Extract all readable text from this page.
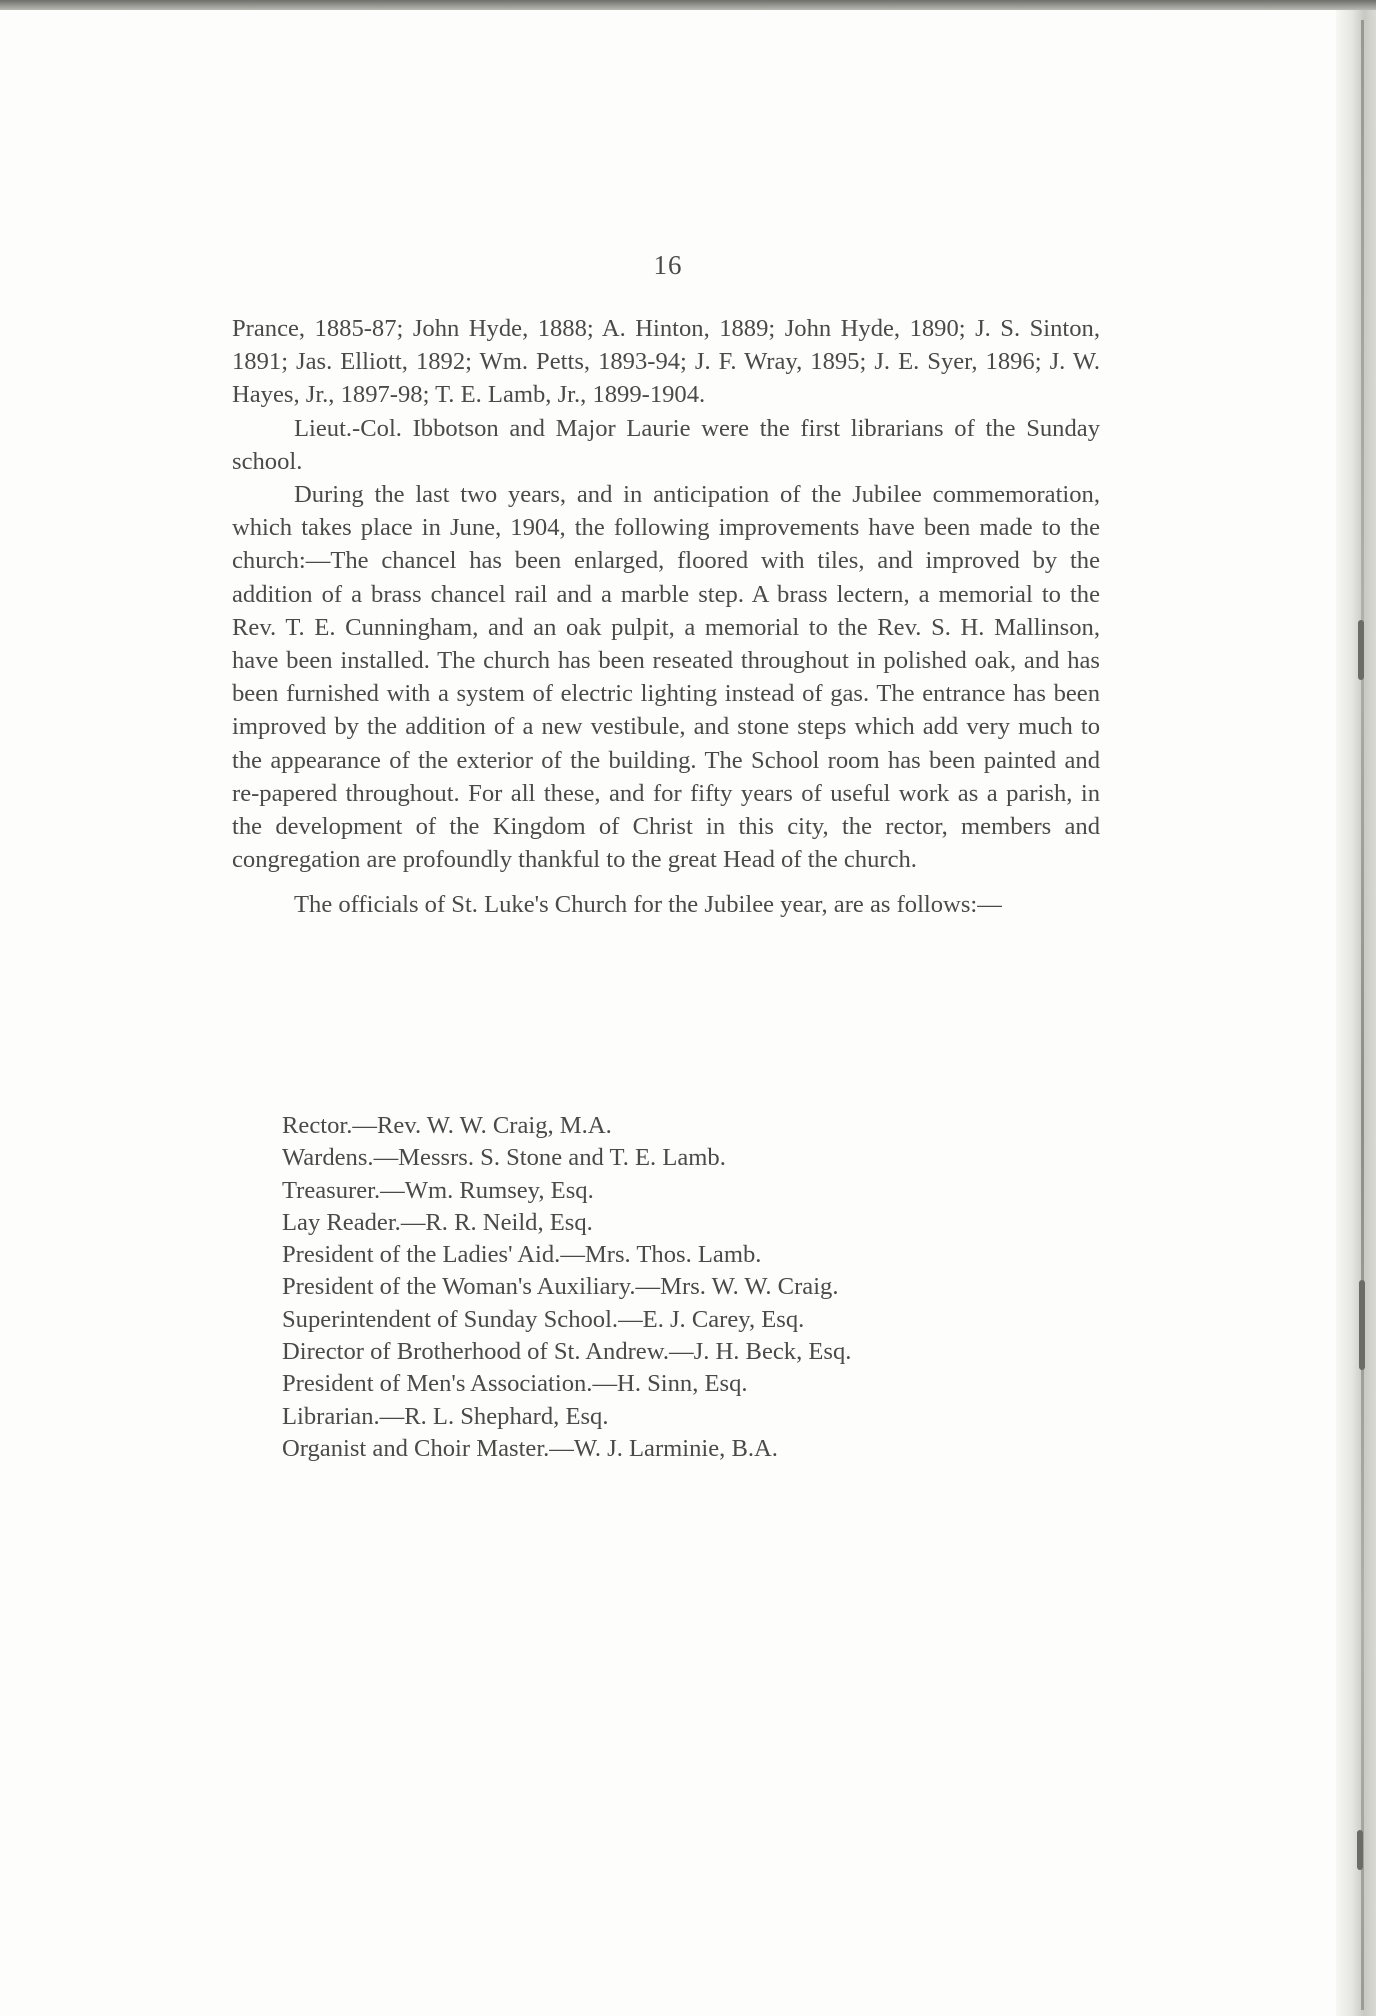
16

Prance, 1885-87; John Hyde, 1888; A. Hinton, 1889; John Hyde, 1890; J. S. Sinton, 1891; Jas. Elliott, 1892; Wm. Petts, 1893-94; J. F. Wray, 1895; J. E. Syer, 1896; J. W. Hayes, Jr., 1897-98; T. E. Lamb, Jr., 1899-1904.

Lieut.-Col. Ibbotson and Major Laurie were the first librarians of the Sunday school.

During the last two years, and in anticipation of the Jubilee commemoration, which takes place in June, 1904, the following improvements have been made to the church:—The chancel has been enlarged, floored with tiles, and improved by the addition of a brass chancel rail and a marble step. A brass lectern, a memorial to the Rev. T. E. Cunningham, and an oak pulpit, a memorial to the Rev. S. H. Mallinson, have been installed. The church has been reseated throughout in polished oak, and has been furnished with a system of electric lighting instead of gas. The entrance has been improved by the addition of a new vestibule, and stone steps which add very much to the appearance of the exterior of the building. The School room has been painted and re-papered throughout. For all these, and for fifty years of useful work as a parish, in the development of the Kingdom of Christ in this city, the rector, members and congregation are profoundly thankful to the great Head of the church.

The officials of St. Luke's Church for the Jubilee year, are as follows:—

Rector.—Rev. W. W. Craig, M.A.
Wardens.—Messrs. S. Stone and T. E. Lamb.
Treasurer.—Wm. Rumsey, Esq.
Lay Reader.—R. R. Neild, Esq.
President of the Ladies' Aid.—Mrs. Thos. Lamb.
President of the Woman's Auxiliary.—Mrs. W. W. Craig.
Superintendent of Sunday School.—E. J. Carey, Esq.
Director of Brotherhood of St. Andrew.—J. H. Beck, Esq.
President of Men's Association.—H. Sinn, Esq.
Librarian.—R. L. Shephard, Esq.
Organist and Choir Master.—W. J. Larminie, B.A.
